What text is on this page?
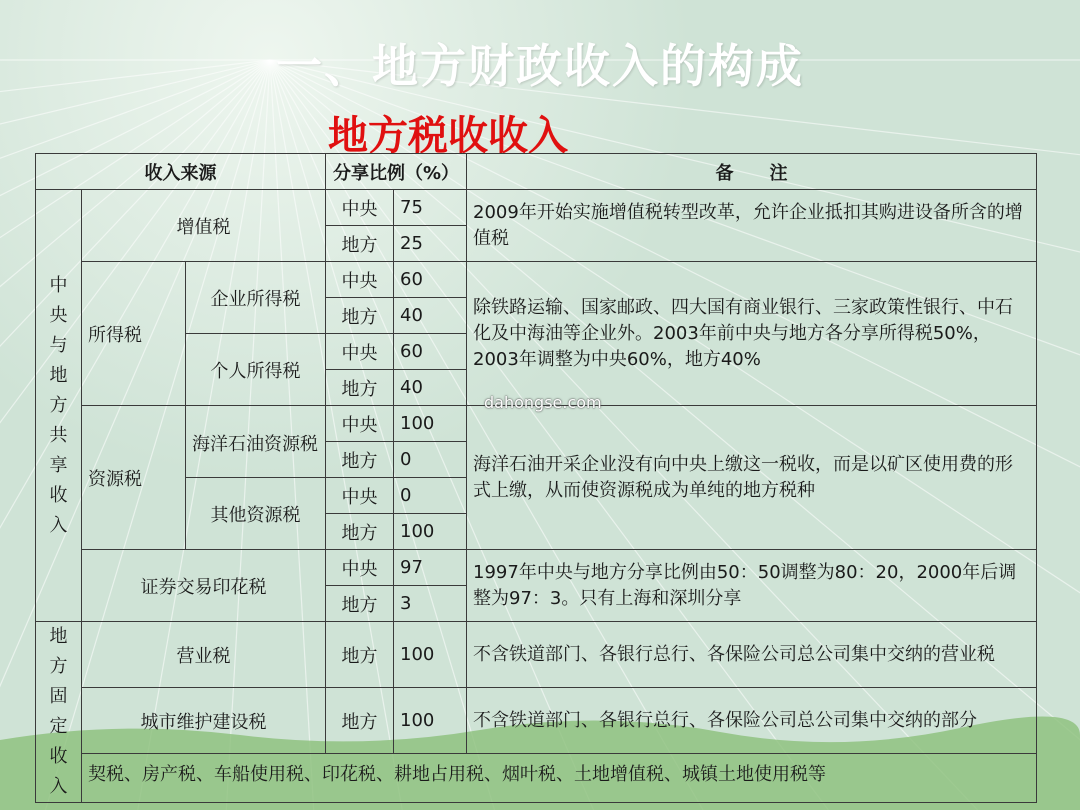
一、地方财政收入的构成
地方税收收入
收入来源			分享比例（%）		备　　注

中央与地方共享收入	增值税		中央	75	2009年开始实施增值税转型改革，允许企业抵扣其购进设备所含的增值税
			地方	25	
	所得税	企业所得税	中央	60	除铁路运输、国家邮政、四大国有商业银行、三家政策性银行、中石化及中海油等企业外。2003年前中央与地方各分享所得税50%，2003年调整为中央60%，地方40%
			地方	40	
		个人所得税	中央	60	
			地方	40	
	资源税	海洋石油资源税	中央	100	海洋石油开采企业没有向中央上缴这一税收，而是以矿区使用费的形式上缴，从而使资源税成为单纯的地方税种
			地方	0	
		其他资源税	中央	0	
			地方	100	
	证券交易印花税		中央	97	1997年中央与地方分享比例由50：50调整为80：20，2000年后调整为97：3。只有上海和深圳分享
			地方	3	

地方固定收入	营业税		地方	100	不含铁道部门、各银行总行、各保险公司总公司集中交纳的营业税
	城市维护建设税		地方	100	不含铁道部门、各银行总行、各保险公司总公司集中交纳的部分
	契税、房产税、车船使用税、印花税、耕地占用税、烟叶税、土地增值税、城镇土地使用税等				
dahongse.com
